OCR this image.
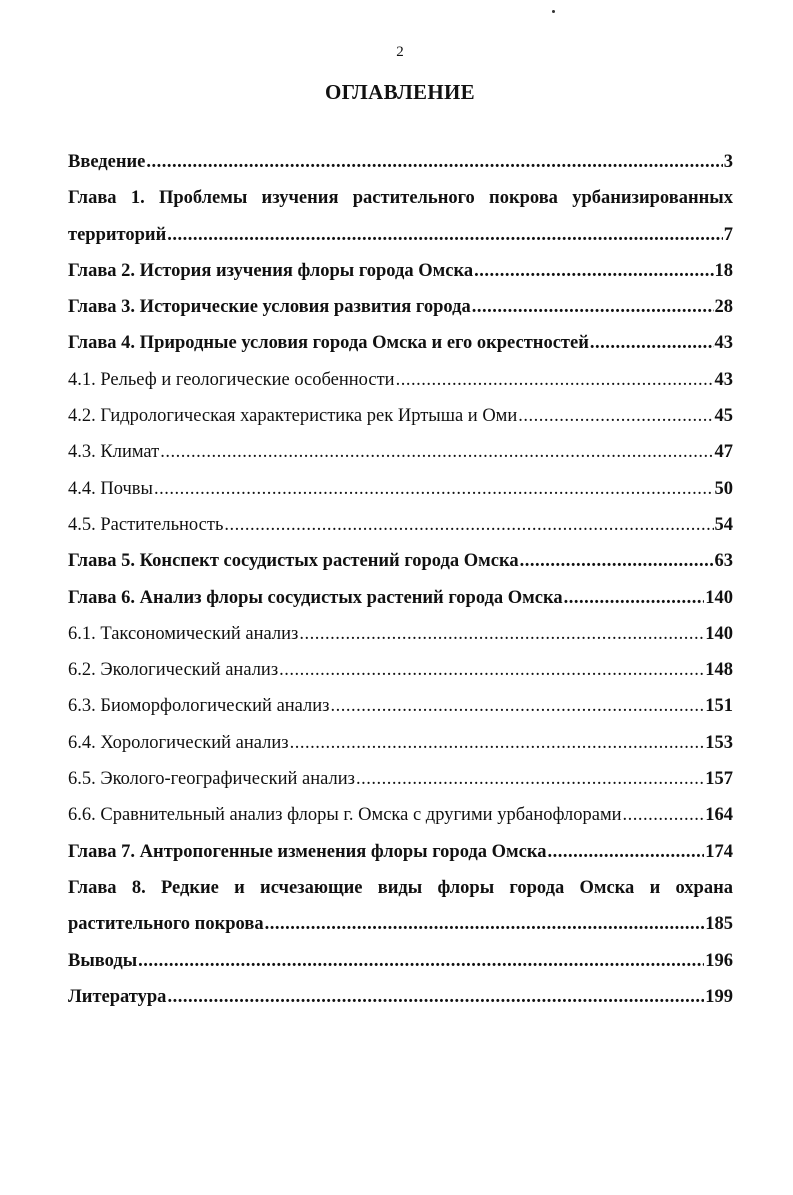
2
ОГЛАВЛЕНИЕ
Введение .....	3
Глава 1. Проблемы изучения растительного покрова урбанизированных
территорий .....	7
Глава 2. История изучения флоры города Омска .....	18
Глава 3. Исторические условия развития города .....	28
Глава 4. Природные условия города Омска и его окрестностей .....	43
4.1. Рельеф и геологические особенности .....	43
4.2. Гидрологическая характеристика рек Иртыша и Оми .....	45
4.3. Климат .....	47
4.4. Почвы .....	50
4.5. Растительность .....	54
Глава 5. Конспект сосудистых растений города Омска .....	63
Глава 6. Анализ флоры сосудистых растений города Омска .....	140
6.1. Таксономический анализ .....	140
6.2. Экологический анализ .....	148
6.3. Биоморфологический анализ .....	151
6.4. Хорологический анализ .....	153
6.5. Эколого-географический анализ .....	157
6.6. Сравнительный анализ флоры г. Омска с другими урбанофлорами .....	164
Глава 7. Антропогенные изменения флоры города Омска .....	174
Глава 8. Редкие и исчезающие виды флоры города Омска и охрана
растительного покрова .....	185
Выводы .....	196
Литература .....	199
